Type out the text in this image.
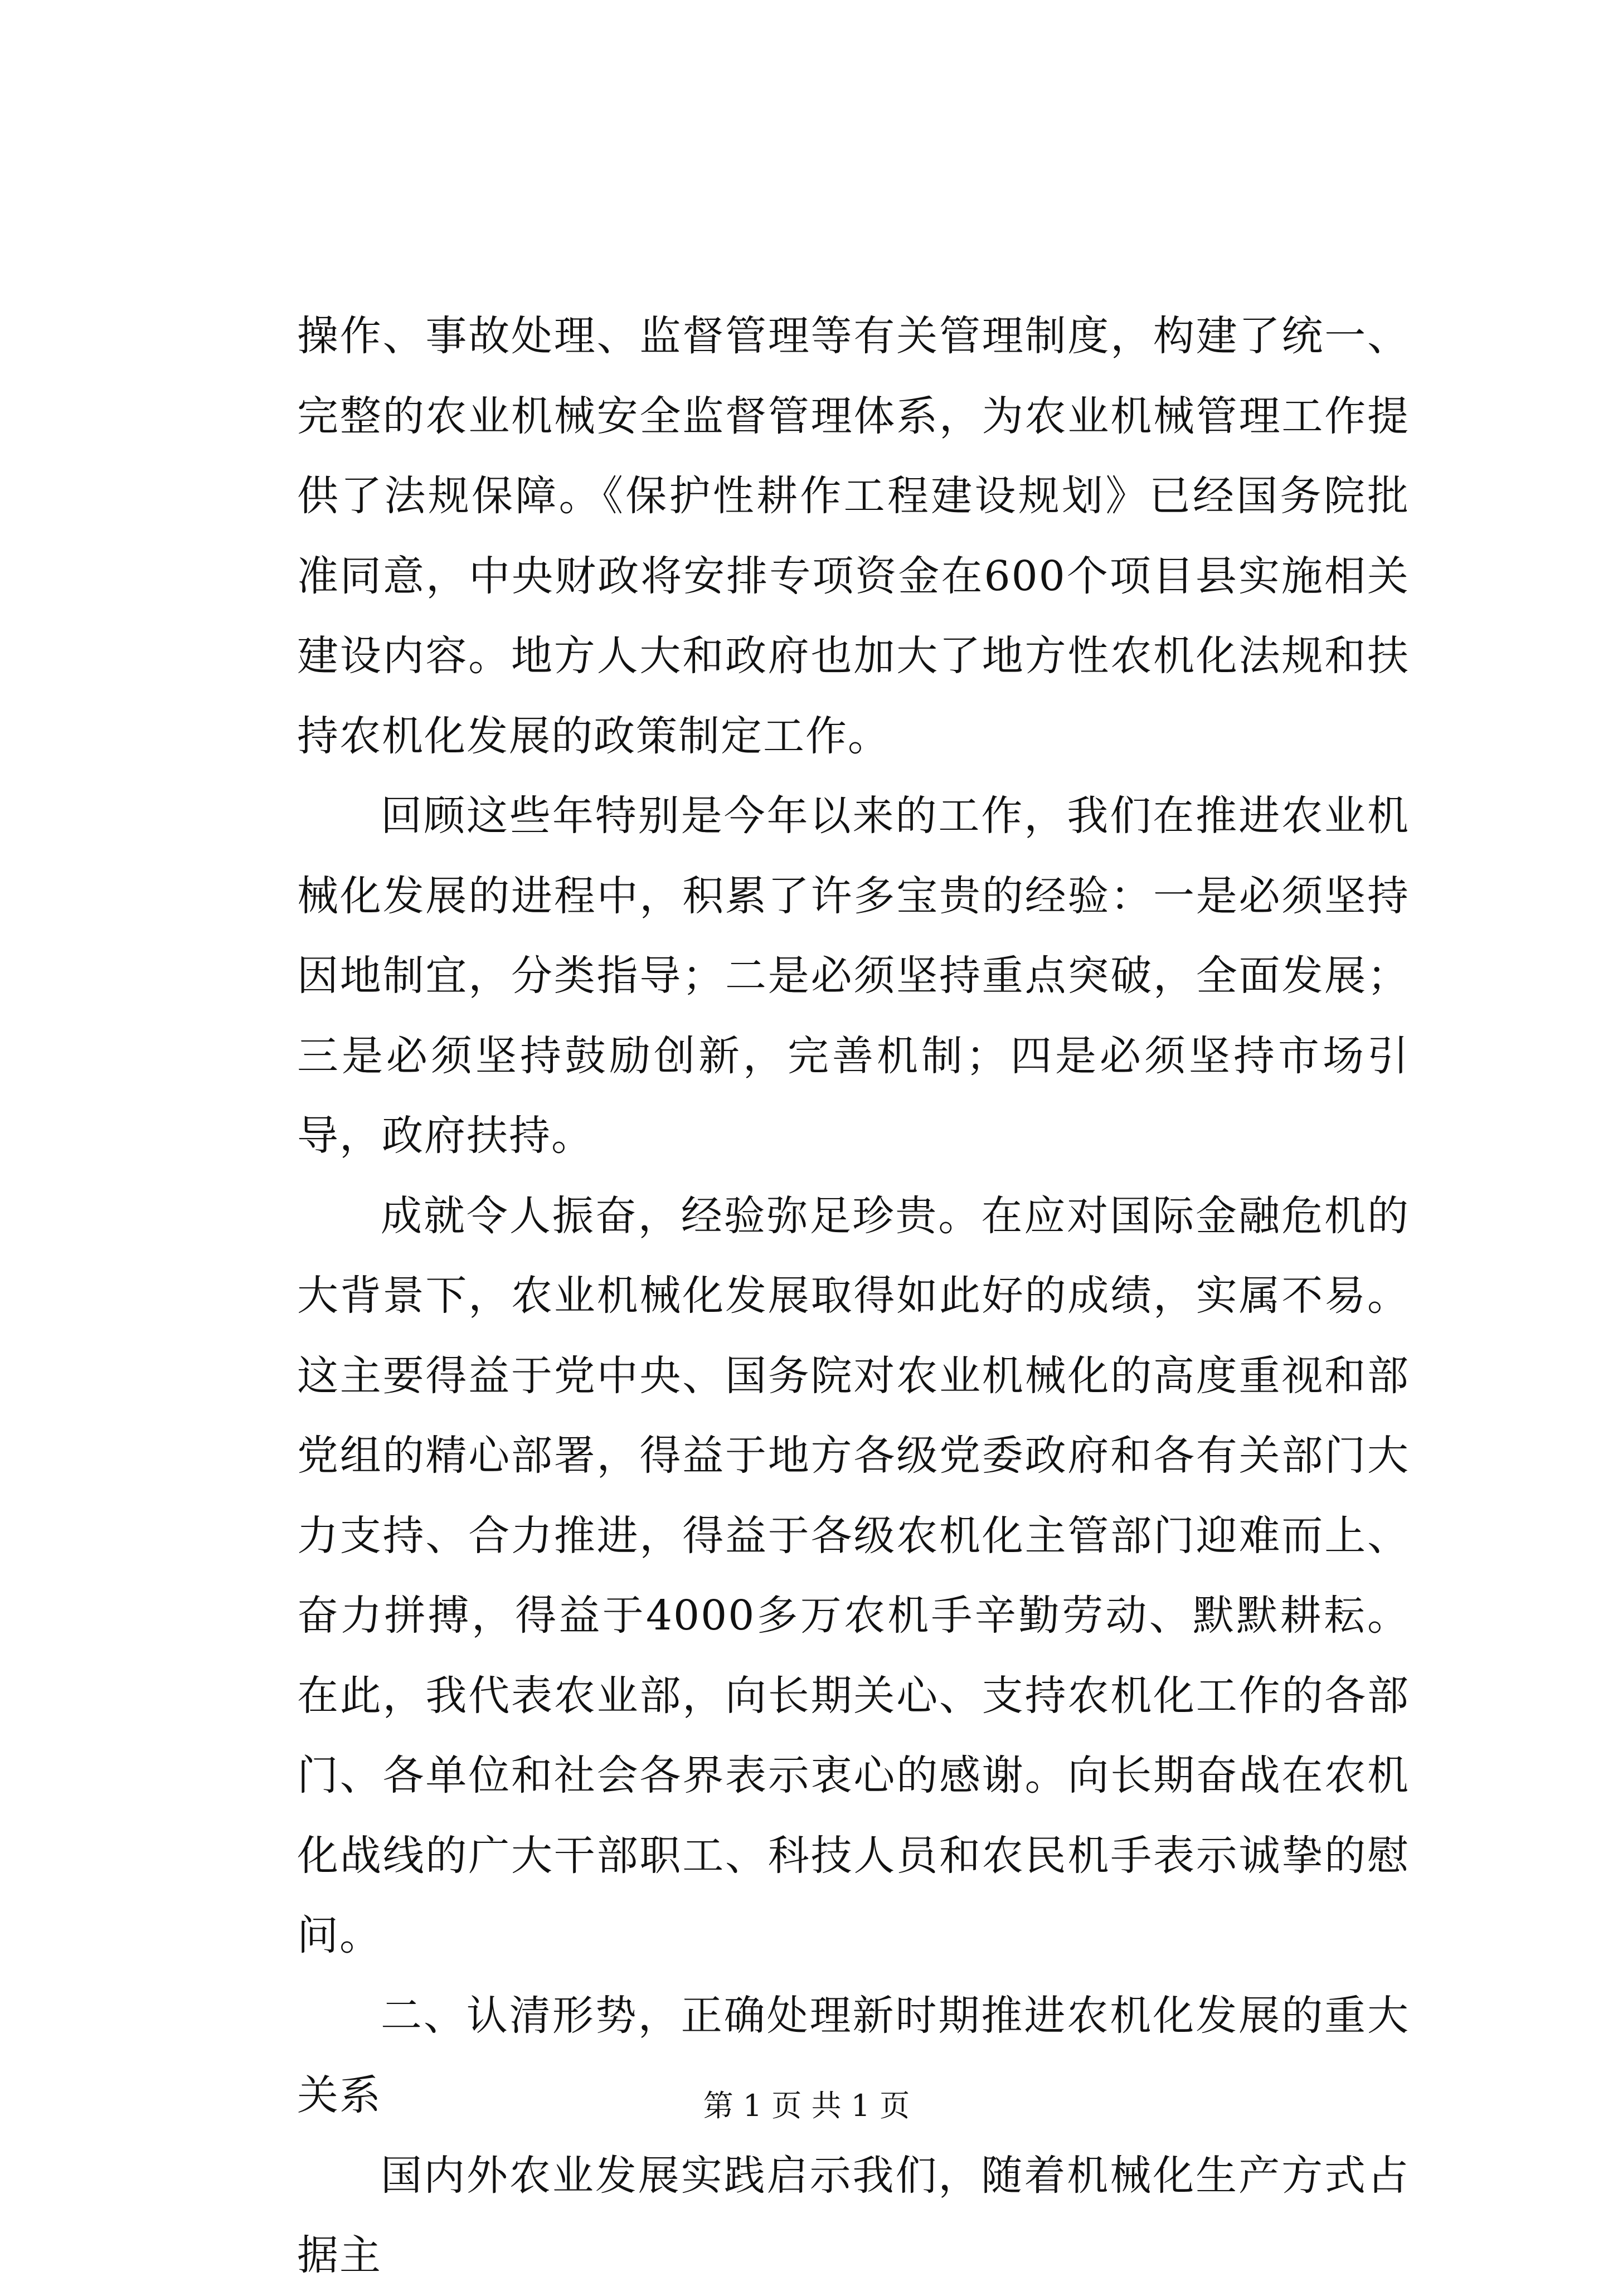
操作、事故处理、监督管理等有关管理制度，构建了统一、完整的农业机械安全监督管理体系，为农业机械管理工作提供了法规保障。《保护性耕作工程建设规划》已经国务院批准同意，中央财政将安排专项资金在600个项目县实施相关建设内容。地方人大和政府也加大了地方性农机化法规和扶持农机化发展的政策制定工作。

回顾这些年特别是今年以来的工作，我们在推进农业机械化发展的进程中，积累了许多宝贵的经验：一是必须坚持因地制宜，分类指导；二是必须坚持重点突破，全面发展；三是必须坚持鼓励创新，完善机制；四是必须坚持市场引导，政府扶持。

成就令人振奋，经验弥足珍贵。在应对国际金融危机的大背景下，农业机械化发展取得如此好的成绩，实属不易。这主要得益于党中央、国务院对农业机械化的高度重视和部党组的精心部署，得益于地方各级党委政府和各有关部门大力支持、合力推进，得益于各级农机化主管部门迎难而上、奋力拼搏，得益于4000多万农机手辛勤劳动、默默耕耘。在此，我代表农业部，向长期关心、支持农机化工作的各部门、各单位和社会各界表示衷心的感谢。向长期奋战在农机化战线的广大干部职工、科技人员和农民机手表示诚挚的慰问。

二、认清形势，正确处理新时期推进农机化发展的重大关系

国内外农业发展实践启示我们，随着机械化生产方式占据主

第 1 页 共 1 页
